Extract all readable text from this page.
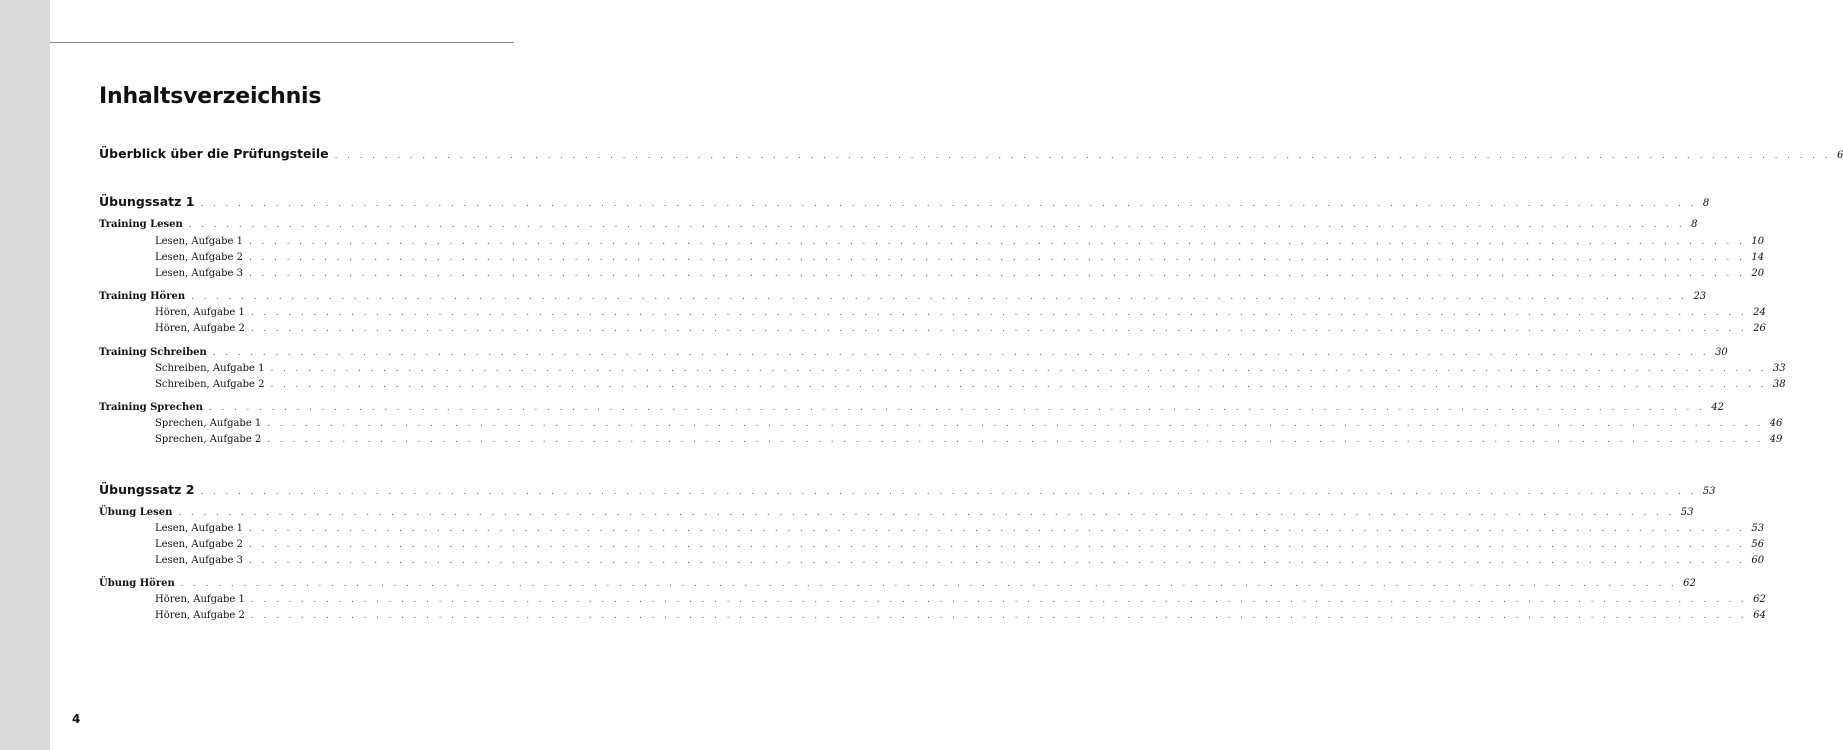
Inhaltsverzeichnis
Überblick über die Prüfungsteile . . . . . . . . . . . . . . . . . . . . . . . . . . . . . . . . . . . . . . . . . . . . . . . . . . . . . . . . . . . . . . . . . . . . . . . . . . . . . . . . . . . . . . . . . . . . . . . . . . . . . . . . . . . . . . . . . . . . . . . . 6
Übungssatz 1 . . . . . . . . . . . . . . . . . . . . . . . . . . . . . . . . . . . . . . . . . . . . . . . . . . . . . . . . . . . . . . . . . . . . . . . . . . . . . . . . . . . . . . . . . . . . . . . . . . . . . . . . . . . . . . . . . . . . . . . . 8
Training Lesen . . . . . . . . . . . . . . . . . . . . . . . . . . . . . . . . . . . . . . . . . . . . . . . . . . . . . . . . . . . . . . . . . . . . . . . . . . . . . . . . . . . . . . . . . . . . . . . . . . . . . . . . . . . . . . . . . . . . . . . . 8
Lesen, Aufgabe 1 . . . . . . . . . . . . . . . . . . . . . . . . . . . . . . . . . . . . . . . . . . . . . . . . . . . . . . . . . . . . . . . . . . . . . . . . . . . . . . . . . . . . . . . . . . . . . . . . . . . . . . . . . . . . . . . . . . . . . . . . 10
Lesen, Aufgabe 2 . . . . . . . . . . . . . . . . . . . . . . . . . . . . . . . . . . . . . . . . . . . . . . . . . . . . . . . . . . . . . . . . . . . . . . . . . . . . . . . . . . . . . . . . . . . . . . . . . . . . . . . . . . . . . . . . . . . . . . . . 14
Lesen, Aufgabe 3 . . . . . . . . . . . . . . . . . . . . . . . . . . . . . . . . . . . . . . . . . . . . . . . . . . . . . . . . . . . . . . . . . . . . . . . . . . . . . . . . . . . . . . . . . . . . . . . . . . . . . . . . . . . . . . . . . . . . . . . . 20
Training Hören . . . . . . . . . . . . . . . . . . . . . . . . . . . . . . . . . . . . . . . . . . . . . . . . . . . . . . . . . . . . . . . . . . . . . . . . . . . . . . . . . . . . . . . . . . . . . . . . . . . . . . . . . . . . . . . . . . . . . . . . 23
Hören, Aufgabe 1 . . . . . . . . . . . . . . . . . . . . . . . . . . . . . . . . . . . . . . . . . . . . . . . . . . . . . . . . . . . . . . . . . . . . . . . . . . . . . . . . . . . . . . . . . . . . . . . . . . . . . . . . . . . . . . . . . . . . . . . . 24
Hören, Aufgabe 2 . . . . . . . . . . . . . . . . . . . . . . . . . . . . . . . . . . . . . . . . . . . . . . . . . . . . . . . . . . . . . . . . . . . . . . . . . . . . . . . . . . . . . . . . . . . . . . . . . . . . . . . . . . . . . . . . . . . . . . . . 26
Training Schreiben . . . . . . . . . . . . . . . . . . . . . . . . . . . . . . . . . . . . . . . . . . . . . . . . . . . . . . . . . . . . . . . . . . . . . . . . . . . . . . . . . . . . . . . . . . . . . . . . . . . . . . . . . . . . . . . . . . . . . . . . 30
Schreiben, Aufgabe 1 . . . . . . . . . . . . . . . . . . . . . . . . . . . . . . . . . . . . . . . . . . . . . . . . . . . . . . . . . . . . . . . . . . . . . . . . . . . . . . . . . . . . . . . . . . . . . . . . . . . . . . . . . . . . . . . . . . . . . . . . 33
Schreiben, Aufgabe 2 . . . . . . . . . . . . . . . . . . . . . . . . . . . . . . . . . . . . . . . . . . . . . . . . . . . . . . . . . . . . . . . . . . . . . . . . . . . . . . . . . . . . . . . . . . . . . . . . . . . . . . . . . . . . . . . . . . . . . . . . 38
Training Sprechen . . . . . . . . . . . . . . . . . . . . . . . . . . . . . . . . . . . . . . . . . . . . . . . . . . . . . . . . . . . . . . . . . . . . . . . . . . . . . . . . . . . . . . . . . . . . . . . . . . . . . . . . . . . . . . . . . . . . . . . . 42
Sprechen, Aufgabe 1 . . . . . . . . . . . . . . . . . . . . . . . . . . . . . . . . . . . . . . . . . . . . . . . . . . . . . . . . . . . . . . . . . . . . . . . . . . . . . . . . . . . . . . . . . . . . . . . . . . . . . . . . . . . . . . . . . . . . . . . . 46
Sprechen, Aufgabe 2 . . . . . . . . . . . . . . . . . . . . . . . . . . . . . . . . . . . . . . . . . . . . . . . . . . . . . . . . . . . . . . . . . . . . . . . . . . . . . . . . . . . . . . . . . . . . . . . . . . . . . . . . . . . . . . . . . . . . . . . . 49
Übungssatz 2 . . . . . . . . . . . . . . . . . . . . . . . . . . . . . . . . . . . . . . . . . . . . . . . . . . . . . . . . . . . . . . . . . . . . . . . . . . . . . . . . . . . . . . . . . . . . . . . . . . . . . . . . . . . . . . . . . . . . . . . . 53
Übung Lesen . . . . . . . . . . . . . . . . . . . . . . . . . . . . . . . . . . . . . . . . . . . . . . . . . . . . . . . . . . . . . . . . . . . . . . . . . . . . . . . . . . . . . . . . . . . . . . . . . . . . . . . . . . . . . . . . . . . . . . . . 53
Lesen, Aufgabe 1 . . . . . . . . . . . . . . . . . . . . . . . . . . . . . . . . . . . . . . . . . . . . . . . . . . . . . . . . . . . . . . . . . . . . . . . . . . . . . . . . . . . . . . . . . . . . . . . . . . . . . . . . . . . . . . . . . . . . . . . . 53
Lesen, Aufgabe 2 . . . . . . . . . . . . . . . . . . . . . . . . . . . . . . . . . . . . . . . . . . . . . . . . . . . . . . . . . . . . . . . . . . . . . . . . . . . . . . . . . . . . . . . . . . . . . . . . . . . . . . . . . . . . . . . . . . . . . . . . 56
Lesen, Aufgabe 3 . . . . . . . . . . . . . . . . . . . . . . . . . . . . . . . . . . . . . . . . . . . . . . . . . . . . . . . . . . . . . . . . . . . . . . . . . . . . . . . . . . . . . . . . . . . . . . . . . . . . . . . . . . . . . . . . . . . . . . . . 60
Übung Hören . . . . . . . . . . . . . . . . . . . . . . . . . . . . . . . . . . . . . . . . . . . . . . . . . . . . . . . . . . . . . . . . . . . . . . . . . . . . . . . . . . . . . . . . . . . . . . . . . . . . . . . . . . . . . . . . . . . . . . . . 62
Hören, Aufgabe 1 . . . . . . . . . . . . . . . . . . . . . . . . . . . . . . . . . . . . . . . . . . . . . . . . . . . . . . . . . . . . . . . . . . . . . . . . . . . . . . . . . . . . . . . . . . . . . . . . . . . . . . . . . . . . . . . . . . . . . . . . 62
Hören, Aufgabe 2 . . . . . . . . . . . . . . . . . . . . . . . . . . . . . . . . . . . . . . . . . . . . . . . . . . . . . . . . . . . . . . . . . . . . . . . . . . . . . . . . . . . . . . . . . . . . . . . . . . . . . . . . . . . . . . . . . . . . . . . . 64
4
